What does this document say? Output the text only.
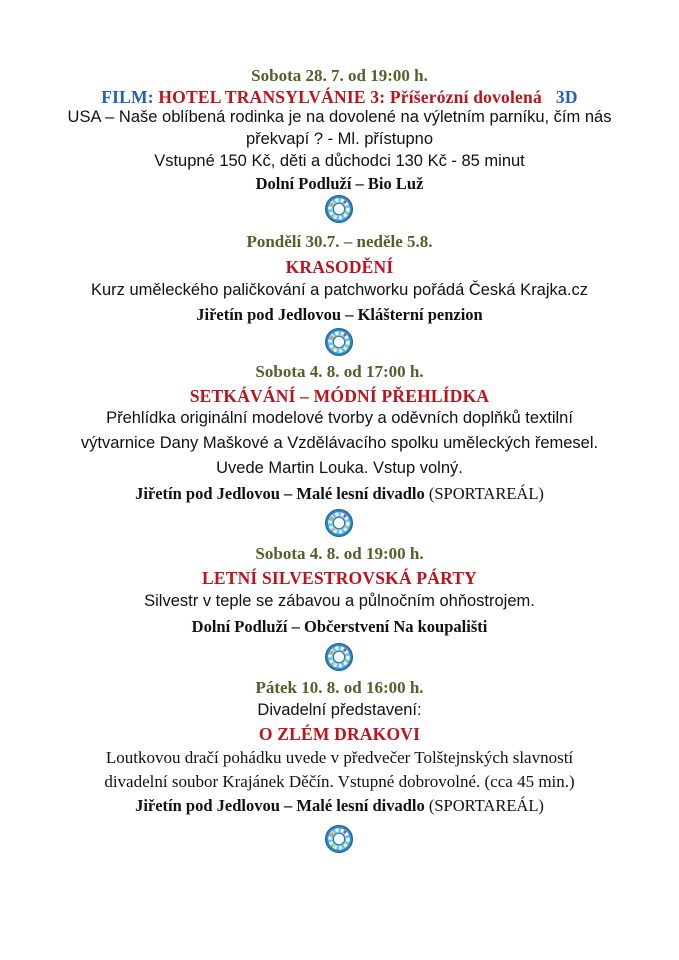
Sobota 28. 7. od 19:00 h.
FILM: HOTEL TRANSYLVÁNIE 3: Příšerózní dovolená 3D
USA – Naše oblíbená rodinka je na dovolené na výletním parníku, čím nás
překvapí ? - Ml. přístupno
Vstupné 150 Kč, děti a důchodci 130 Kč - 85 minut
Dolní Podluží – Bio Luž
Pondělí 30.7. – neděle 5.8.
KRASODĚNÍ
Kurz uměleckého paličkování a patchworku pořádá Česká Krajka.cz
Jiřetín pod Jedlovou – Klášterní penzion
Sobota 4. 8. od 17:00 h.
SETKÁVÁNÍ – MÓDNÍ PŘEHLÍDKA
Přehlídka originální modelové tvorby a oděvních doplňků textilní
výtvarnice Dany Maškové a Vzdělávacího spolku uměleckých řemesel.
Uvede Martin Louka. Vstup volný.
Jiřetín pod Jedlovou – Malé lesní divadlo (SPORTAREÁL)
Sobota 4. 8. od 19:00 h.
LETNÍ SILVESTROVSKÁ PÁRTY
Silvestr v teple se zábavou a půlnočním ohňostrojem.
Dolní Podluží – Občerstvení Na koupališti
Pátek 10. 8. od 16:00 h.
Divadelní představení:
O ZLÉM DRAKOVI
Loutkovou dračí pohádku uvede v předvečer Tolštejnských slavností
divadelní soubor Krajánek Děčín. Vstupné dobrovolné. (cca 45 min.)
Jiřetín pod Jedlovou – Malé lesní divadlo (SPORTAREÁL)
